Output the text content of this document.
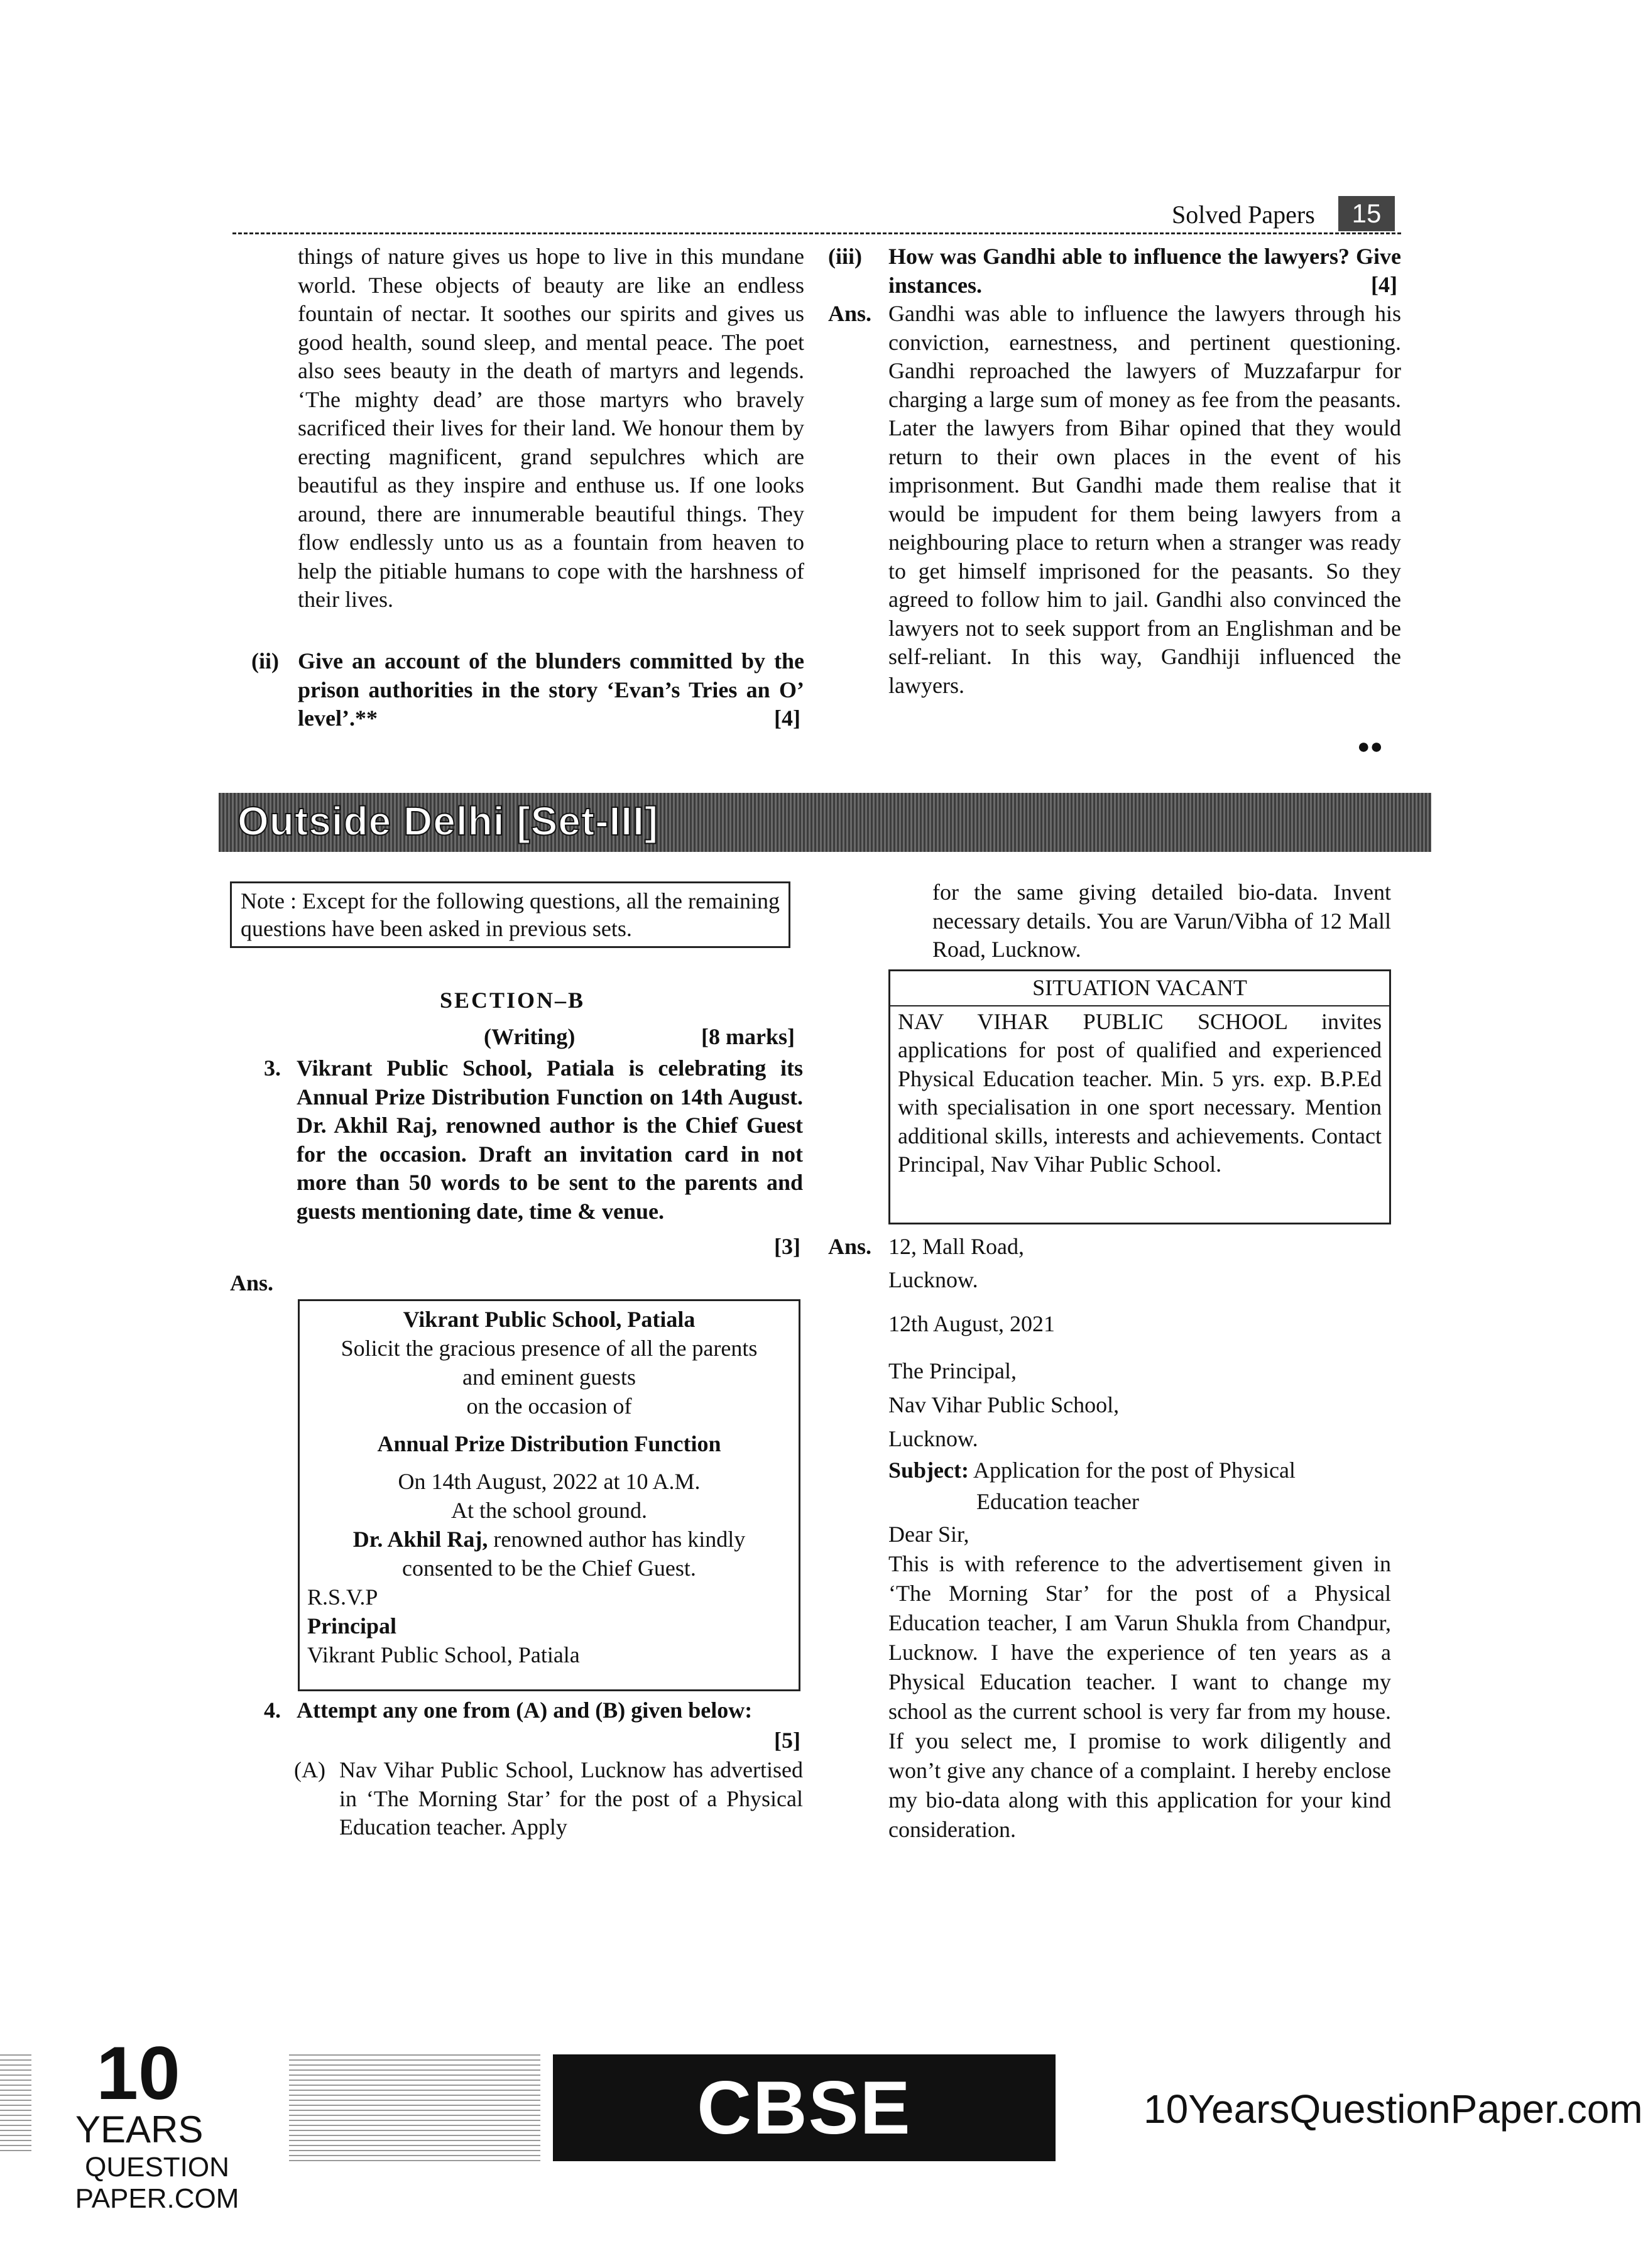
Solved Papers	15
things of nature gives us hope to live in this mundane world. These objects of beauty are like an endless fountain of nectar. It soothes our spirits and gives us good health, sound sleep, and mental peace. The poet also sees beauty in the death of martyrs and legends. ‘The mighty dead’ are those martyrs who bravely sacrificed their lives for their land. We honour them by erecting magnificent, grand sepulchres which are beautiful as they inspire and enthuse us. If one looks around, there are innumerable beautiful things. They flow endlessly unto us as a fountain from heaven to help the pitiable humans to cope with the harshness of their lives.
(ii) Give an account of the blunders committed by the prison authorities in the story ‘Evan’s Tries an O’ level’.**	[4]
(iii) How was Gandhi able to influence the lawyers? Give instances.	[4]
Ans. Gandhi was able to influence the lawyers through his conviction, earnestness, and pertinent questioning. Gandhi reproached the lawyers of Muzzafarpur for charging a large sum of money as fee from the peasants. Later the lawyers from Bihar opined that they would return to their own places in the event of his imprisonment. But Gandhi made them realise that it would be impudent for them being lawyers from a neighbouring place to return when a stranger was ready to get himself imprisoned for the peasants. So they agreed to follow him to jail. Gandhi also convinced the lawyers not to seek support from an Englishman and be self-reliant. In this way, Gandhiji influenced the lawyers.
●●
Outside Delhi [Set-III]
Note : Except for the following questions, all the remaining questions have been asked in previous sets.
SECTION–B
(Writing)	[8 marks]
3. Vikrant Public School, Patiala is celebrating its Annual Prize Distribution Function on 14th August. Dr. Akhil Raj, renowned author is the Chief Guest for the occasion. Draft an invitation card in not more than 50 words to be sent to the parents and guests mentioning date, time & venue.
[3]
Ans.
Vikrant Public School, Patiala
Solicit the gracious presence of all the parents
and eminent guests
on the occasion of
Annual Prize Distribution Function
On 14th August, 2022 at 10 A.M.
At the school ground.
Dr. Akhil Raj, renowned author has kindly
consented to be the Chief Guest.
R.S.V.P
Principal
Vikrant Public School, Patiala
4. Attempt any one from (A) and (B) given below:
[5]
(A) Nav Vihar Public School, Lucknow has advertised in ‘The Morning Star’ for the post of a Physical Education teacher. Apply
for the same giving detailed bio-data. Invent necessary details. You are Varun/Vibha of 12 Mall Road, Lucknow.
SITUATION VACANT
NAV VIHAR PUBLIC SCHOOL invites applications for post of qualified and experienced Physical Education teacher. Min. 5 yrs. exp. B.P.Ed with specialisation in one sport necessary. Mention additional skills, interests and achievements. Contact Principal, Nav Vihar Public School.
Ans. 12, Mall Road,
Lucknow.
12th August, 2021
The Principal,
Nav Vihar Public School,
Lucknow.
Subject: Application for the post of Physical
Education teacher
Dear Sir,
This is with reference to the advertisement given in ‘The Morning Star’ for the post of a Physical Education teacher, I am Varun Shukla from Chandpur, Lucknow. I have the experience of ten years as a Physical Education teacher. I want to change my school as the current school is very far from my house. If you select me, I promise to work diligently and won’t give any chance of a complaint. I hereby enclose my bio-data along with this application for your kind consideration.
10
YEARS
QUESTION PAPER.COM
CBSE BOARD XII
10YearsQuestionPaper.com
